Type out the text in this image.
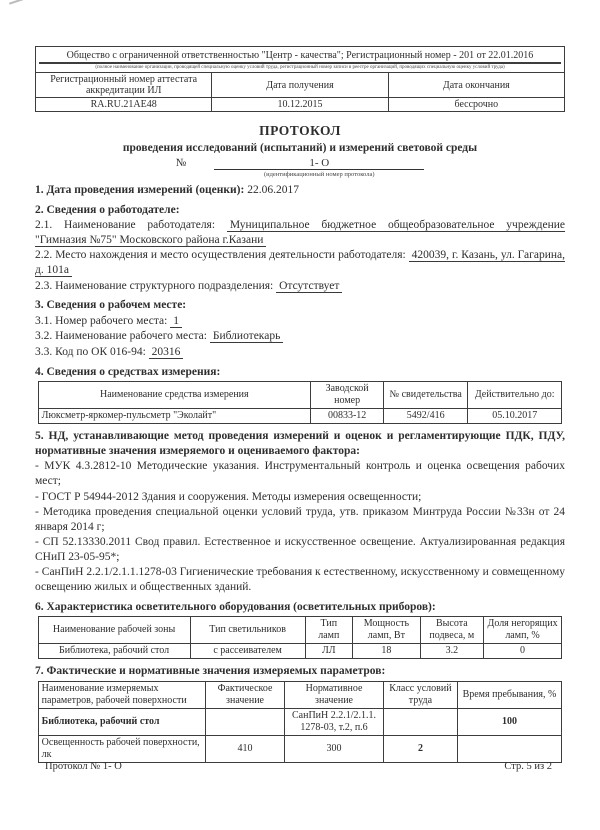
Общество с ограниченной ответственностью "Центр - качества"; Регистрационный номер - 201 от 22.01.2016
(полное наименование организации, проводящей специальную оценку условий труда, регистрационный номер записи в реестре организаций, проводящих специальную оценку условий труда)		

Регистрационный номер аттестата аккредитации ИЛ	Дата получения	Дата окончания
RA.RU.21АЕ48	10.12.2015	бессрочно
ПРОТОКОЛ
проведения исследований (испытаний) и измерений световой среды
№	1- О
(идентификационный номер протокола)

1. Дата проведения измерений (оценки): 22.06.2017

2. Сведения о работодателе:

2.1. Наименование работодателя: Муниципальное бюджетное общеобразовательное учреждение "Гимназия №75" Московского района г.Казани

2.2. Место нахождения и место осуществления деятельности работодателя: 420039, г. Казань, ул. Гагарина, д. 101а

2.3. Наименование структурного подразделения: Отсутствует

3. Сведения о рабочем месте:

3.1. Номер рабочего места: 1

3.2. Наименование рабочего места: Библиотекарь

3.3. Код по ОК 016-94: 20316

4. Сведения о средствах измерения:

Наименование средства измерения	Заводской номер	№ свидетельства	Действительно до:
Люксметр-яркомер-пульсметр "Эколайт"	00833-12	5492/416	05.10.2017

5. НД, устанавливающие метод проведения измерений и оценок и регламентирующие ПДК, ПДУ, нормативные значения измеряемого и оцениваемого фактора:

- МУК 4.3.2812-10 Методические указания. Инструментальный контроль и оценка освещения рабочих мест;

- ГОСТ Р 54944-2012 Здания и сооружения. Методы измерения освещенности;

- Методика проведения специальной оценки условий труда, утв. приказом Минтруда России №33н от 24 января 2014 г;

- СП 52.13330.2011 Свод правил. Естественное и искусственное освещение. Актуализированная редакция СНиП 23-05-95*;

- СанПиН 2.2.1/2.1.1.1278-03 Гигиенические требования к естественному, искусственному и совмещенному освещению жилых и общественных зданий.

6. Характеристика осветительного оборудования (осветительных приборов):

Наименование рабочей зоны	Тип светильников	Тип ламп	Мощность ламп, Вт	Высота подвеса, м	Доля негорящих ламп, %
Библиотека, рабочий стол	с рассеивателем	ЛЛ	18	3.2	0

7. Фактические и нормативные значения измеряемых параметров:

Наименование измеряемых параметров, рабочей поверхности	Фактическое значение	Нормативное значение	Класс условий труда	Время пребывания, %
Библиотека, рабочий стол		СанПиН 2.2.1/2.1.1. 1278-03, т.2, п.6		100
Освещенность рабочей поверхности, лк	410	300	2	
Протокол № 1- О	Стр. 5 из 2
